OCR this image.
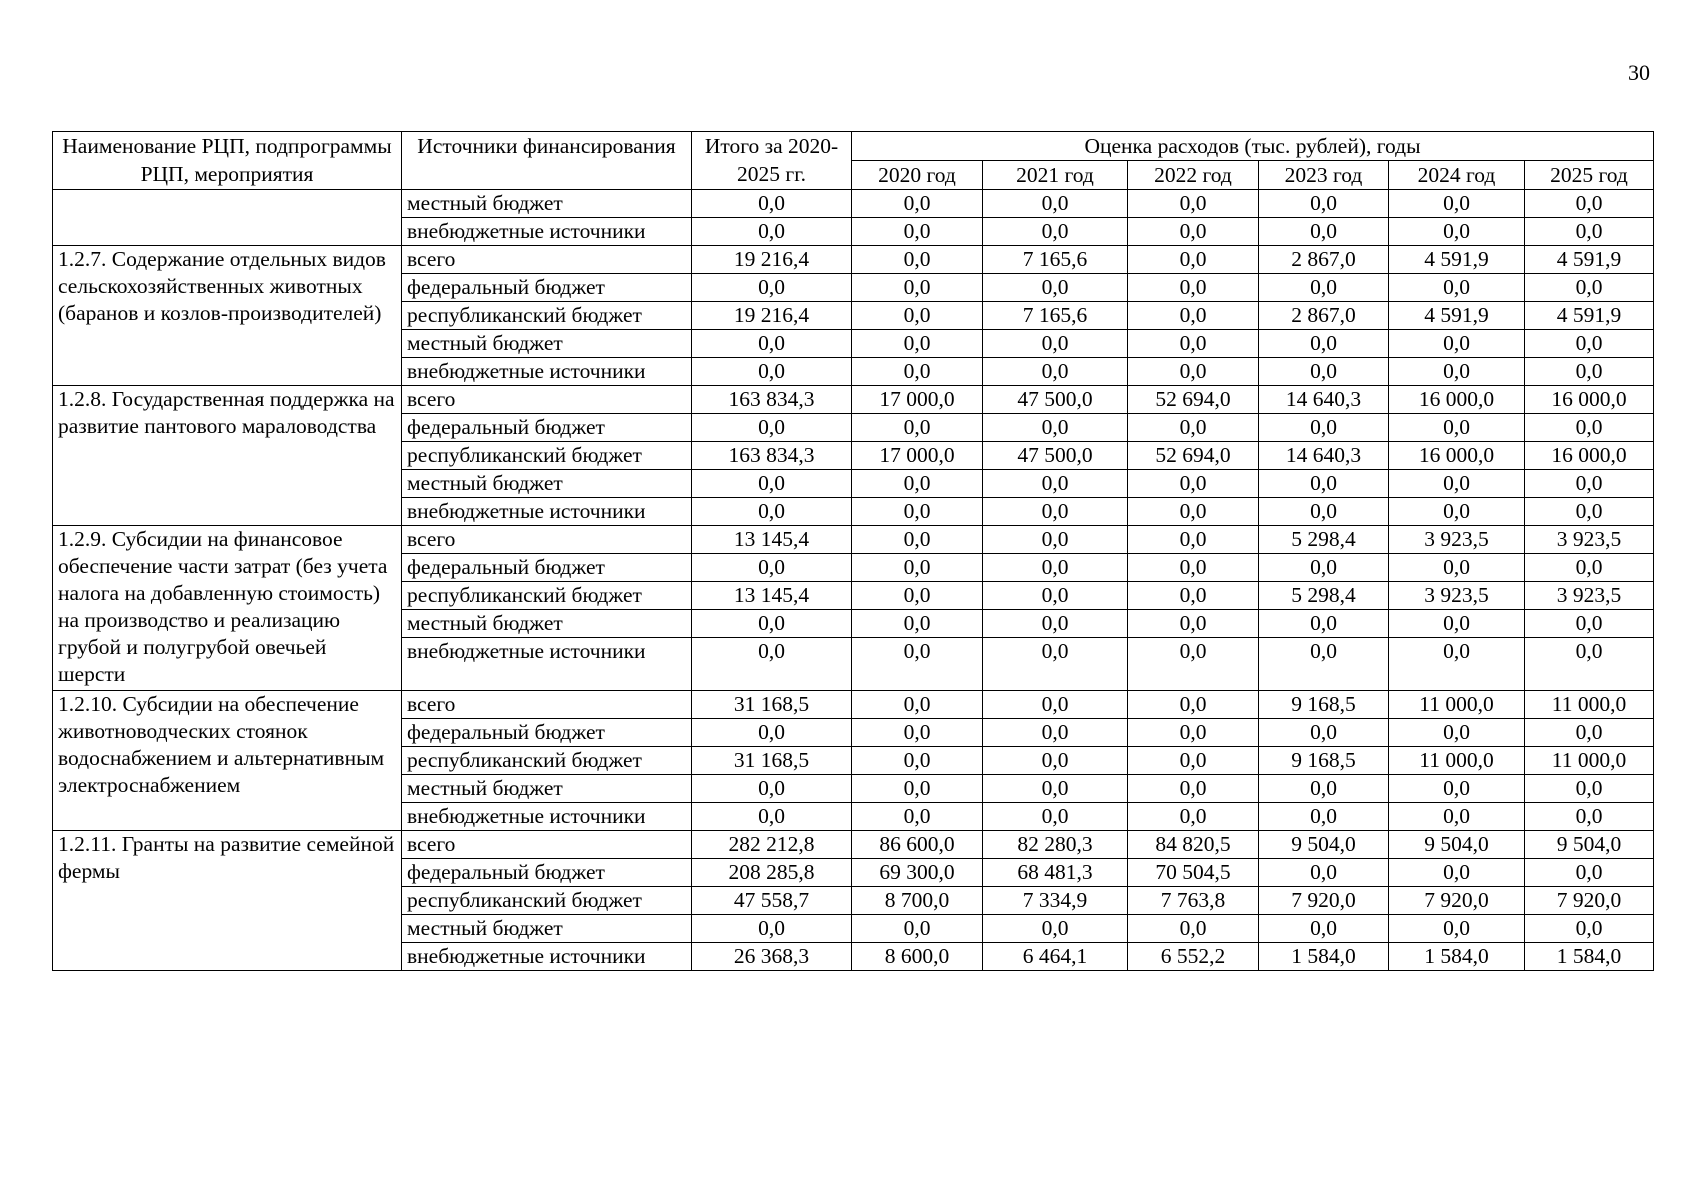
30
Наименование РЦП, подпрограммы РЦП, мероприятия	Источники финансирования	Итого за 2020-2025 гг.	Оценка расходов (тыс. рублей), годы					
			2020 год	2021 год	2022 год	2023 год	2024 год	2025 год
	местный бюджет	0,0	0,0	0,0	0,0	0,0	0,0	0,0
	внебюджетные источники	0,0	0,0	0,0	0,0	0,0	0,0	0,0
1.2.7. Содержание отдельных видов сельскохозяйственных животных (баранов и козлов-производителей)	всего	19 216,4	0,0	7 165,6	0,0	2 867,0	4 591,9	4 591,9
	федеральный бюджет	0,0	0,0	0,0	0,0	0,0	0,0	0,0
	республиканский бюджет	19 216,4	0,0	7 165,6	0,0	2 867,0	4 591,9	4 591,9
	местный бюджет	0,0	0,0	0,0	0,0	0,0	0,0	0,0
	внебюджетные источники	0,0	0,0	0,0	0,0	0,0	0,0	0,0
1.2.8. Государственная поддержка на развитие пантового мараловодства	всего	163 834,3	17 000,0	47 500,0	52 694,0	14 640,3	16 000,0	16 000,0
	федеральный бюджет	0,0	0,0	0,0	0,0	0,0	0,0	0,0
	республиканский бюджет	163 834,3	17 000,0	47 500,0	52 694,0	14 640,3	16 000,0	16 000,0
	местный бюджет	0,0	0,0	0,0	0,0	0,0	0,0	0,0
	внебюджетные источники	0,0	0,0	0,0	0,0	0,0	0,0	0,0
1.2.9. Субсидии на финансовое обеспечение части затрат (без учета налога на добавленную стоимость) на производство и реализацию грубой и полугрубой овечьей шерсти	всего	13 145,4	0,0	0,0	0,0	5 298,4	3 923,5	3 923,5
	федеральный бюджет	0,0	0,0	0,0	0,0	0,0	0,0	0,0
	республиканский бюджет	13 145,4	0,0	0,0	0,0	5 298,4	3 923,5	3 923,5
	местный бюджет	0,0	0,0	0,0	0,0	0,0	0,0	0,0
	внебюджетные источники	0,0	0,0	0,0	0,0	0,0	0,0	0,0
1.2.10. Субсидии на обеспечение животноводческих стоянок водоснабжением и альтернативным электроснабжением	всего	31 168,5	0,0	0,0	0,0	9 168,5	11 000,0	11 000,0
	федеральный бюджет	0,0	0,0	0,0	0,0	0,0	0,0	0,0
	республиканский бюджет	31 168,5	0,0	0,0	0,0	9 168,5	11 000,0	11 000,0
	местный бюджет	0,0	0,0	0,0	0,0	0,0	0,0	0,0
	внебюджетные источники	0,0	0,0	0,0	0,0	0,0	0,0	0,0
1.2.11. Гранты на развитие семейной фермы	всего	282 212,8	86 600,0	82 280,3	84 820,5	9 504,0	9 504,0	9 504,0
	федеральный бюджет	208 285,8	69 300,0	68 481,3	70 504,5	0,0	0,0	0,0
	республиканский бюджет	47 558,7	8 700,0	7 334,9	7 763,8	7 920,0	7 920,0	7 920,0
	местный бюджет	0,0	0,0	0,0	0,0	0,0	0,0	0,0
	внебюджетные источники	26 368,3	8 600,0	6 464,1	6 552,2	1 584,0	1 584,0	1 584,0
